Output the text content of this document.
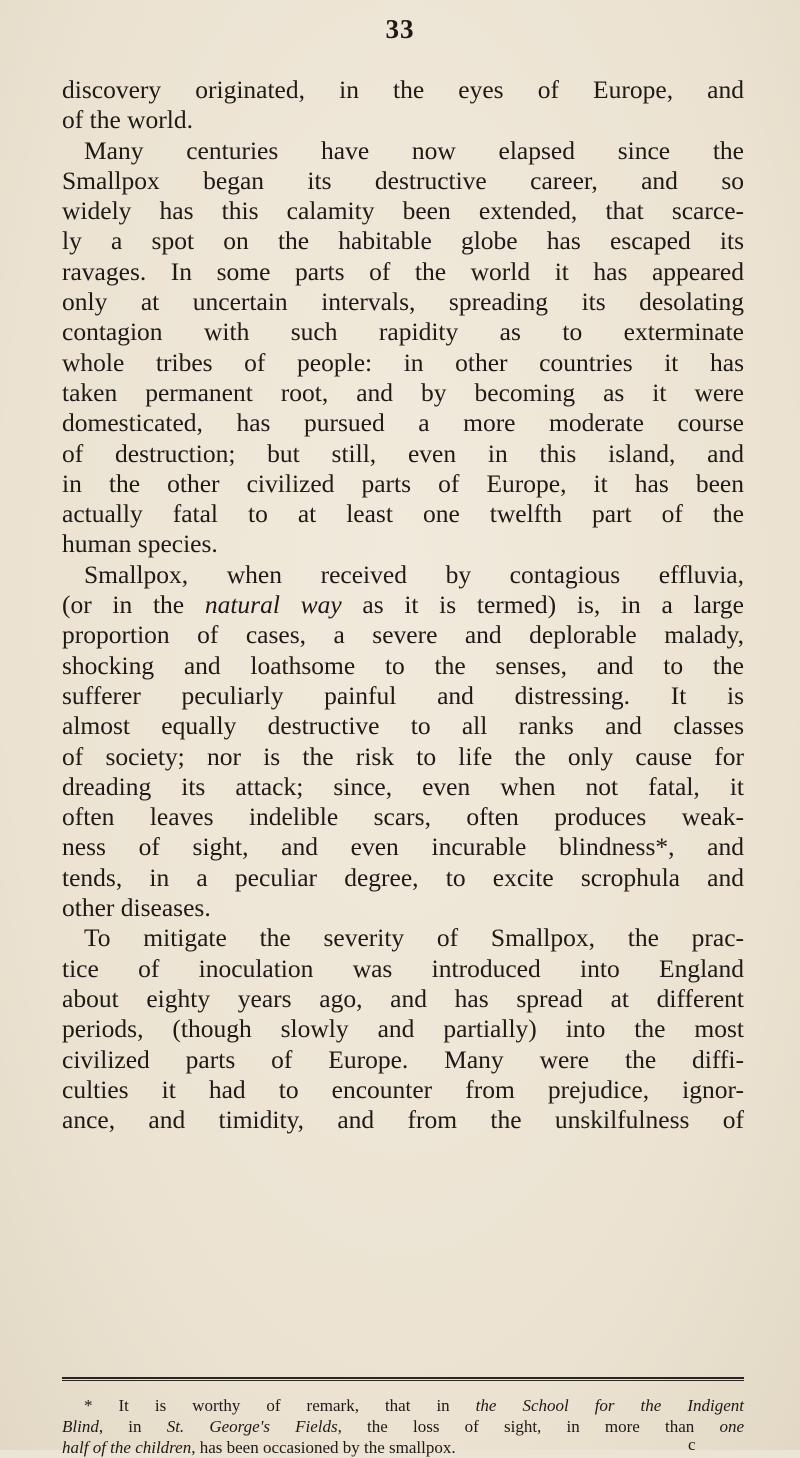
33
discovery originated, in the eyes of Europe, and
of the world.
Many centuries have now elapsed since the
Smallpox began its destructive career, and so
widely has this calamity been extended, that scarce-
ly a spot on the habitable globe has escaped its
ravages. In some parts of the world it has appeared
only at uncertain intervals, spreading its desolating
contagion with such rapidity as to exterminate
whole tribes of people: in other countries it has
taken permanent root, and by becoming as it were
domesticated, has pursued a more moderate course
of destruction; but still, even in this island, and
in the other civilized parts of Europe, it has been
actually fatal to at least one twelfth part of the
human species.
Smallpox, when received by contagious effluvia,
(or in the natural way as it is termed) is, in a large
proportion of cases, a severe and deplorable malady,
shocking and loathsome to the senses, and to the
sufferer peculiarly painful and distressing. It is
almost equally destructive to all ranks and classes
of society; nor is the risk to life the only cause for
dreading its attack; since, even when not fatal, it
often leaves indelible scars, often produces weak-
ness of sight, and even incurable blindness*, and
tends, in a peculiar degree, to excite scrophula and
other diseases.
To mitigate the severity of Smallpox, the prac-
tice of inoculation was introduced into England
about eighty years ago, and has spread at different
periods, (though slowly and partially) into the most
civilized parts of Europe. Many were the diffi-
culties it had to encounter from prejudice, ignor-
ance, and timidity, and from the unskilfulness of
* It is worthy of remark, that in the School for the Indigent
Blind, in St. George's Fields, the loss of sight, in more than one
half of the children, has been occasioned by the smallpox.	c
